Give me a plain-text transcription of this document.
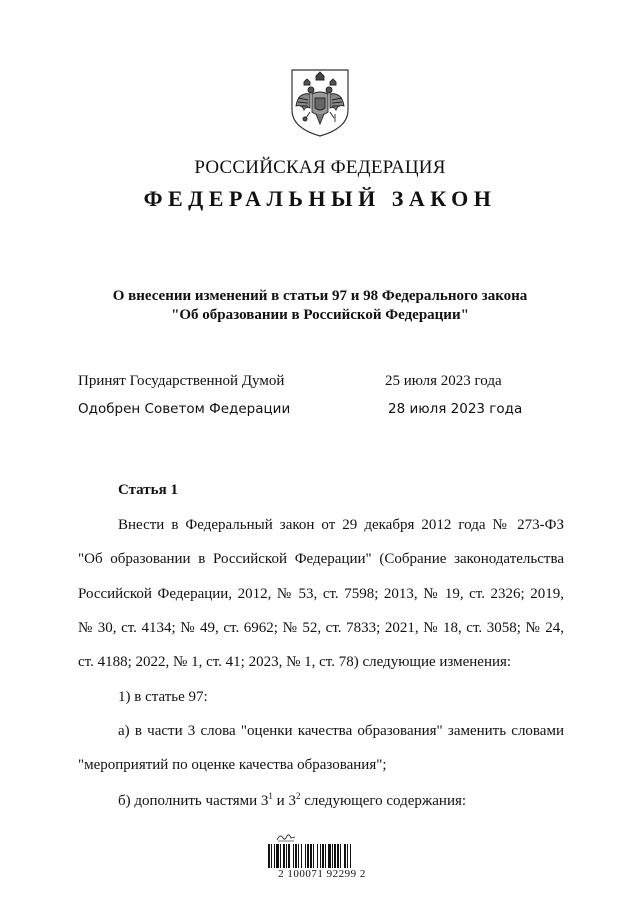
РОССИЙСКАЯ ФЕДЕРАЦИЯ
ФЕДЕРАЛЬНЫЙ ЗАКОН
О внесении изменений в статьи 97 и 98 Федерального закона
"Об образовании в Российской Федерации"
Принят Государственной Думой	25 июля 2023 года
Одобрен Советом Федерации	28 июля 2023 года
Статья 1
Внести в Федеральный закон от 29 декабря 2012 года № 273-ФЗ
"Об образовании в Российской Федерации" (Собрание законодательства
Российской Федерации, 2012, № 53, ст. 7598; 2013, № 19, ст. 2326; 2019,
№ 30, ст. 4134; № 49, ст. 6962; № 52, ст. 7833; 2021, № 18, ст. 3058; № 24,
ст. 4188; 2022, № 1, ст. 41; 2023, № 1, ст. 78) следующие изменения:
1) в статье 97:
а) в части 3 слова "оценки качества образования" заменить словами
"мероприятий по оценке качества образования";
б) дополнить частями $3^1$ и $3^2$ следующего содержания:
2 100071 92299 2
